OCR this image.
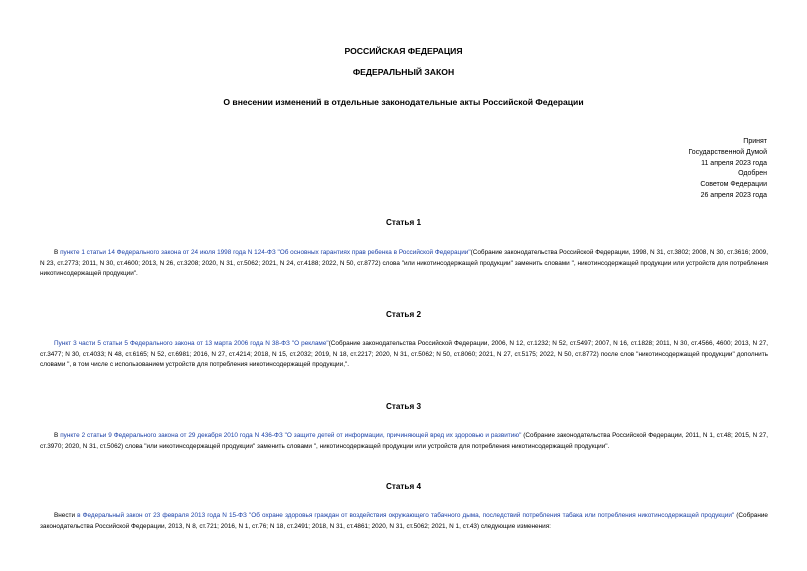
РОССИЙСКАЯ ФЕДЕРАЦИЯ
ФЕДЕРАЛЬНЫЙ ЗАКОН
О внесении изменений в отдельные законодательные акты Российской Федерации
Принят
Государственной Думой
11 апреля 2023 года
Одобрен
Советом Федерации
26 апреля 2023 года
Статья 1
В пункте 1 статьи 14 Федерального закона от 24 июля 1998 года N 124-ФЗ "Об основных гарантиях прав ребенка в Российской Федерации"(Собрание законодательства Российской Федерации, 1998, N 31, ст.3802; 2008, N 30, ст.3616; 2009, N 23, ст.2773; 2011, N 30, ст.4600; 2013, N 26, ст.3208; 2020, N 31, ст.5062; 2021, N 24, ст.4188; 2022, N 50, ст.8772) слова "или никотинсодержащей продукции" заменить словами ", никотинсодержащей продукции или устройств для потребления никотинсодержащей продукции".
Статья 2
Пункт 3 части 5 статьи 5 Федерального закона от 13 марта 2006 года N 38-ФЗ "О рекламе"(Собрание законодательства Российской Федерации, 2006, N 12, ст.1232; N 52, ст.5497; 2007, N 16, ст.1828; 2011, N 30, ст.4566, 4600; 2013, N 27, ст.3477; N 30, ст.4033; N 48, ст.6165; N 52, ст.6981; 2016, N 27, ст.4214; 2018, N 15, ст.2032; 2019, N 18, ст.2217; 2020, N 31, ст.5062; N 50, ст.8060; 2021, N 27, ст.5175; 2022, N 50, ст.8772) после слов "никотинсодержащей продукции" дополнить словами ", в том числе с использованием устройств для потребления никотинсодержащей продукции,".
Статья 3
В пункте 2 статьи 9 Федерального закона от 29 декабря 2010 года N 436-ФЗ "О защите детей от информации, причиняющей вред их здоровью и развитию" (Собрание законодательства Российской Федерации, 2011, N 1, ст.48; 2015, N 27, ст.3970; 2020, N 31, ст.5062) слова "или никотинсодержащей продукции" заменить словами ", никотинсодержащей продукции или устройств для потребления никотинсодержащей продукции".
Статья 4
Внести в Федеральный закон от 23 февраля 2013 года N 15-ФЗ "Об охране здоровья граждан от воздействия окружающего табачного дыма, последствий потребления табака или потребления никотинсодержащей продукции" (Собрание законодательства Российской Федерации, 2013, N 8, ст.721; 2016, N 1, ст.76; N 18, ст.2491; 2018, N 31, ст.4861; 2020, N 31, ст.5062; 2021, N 1, ст.43) следующие изменения:
